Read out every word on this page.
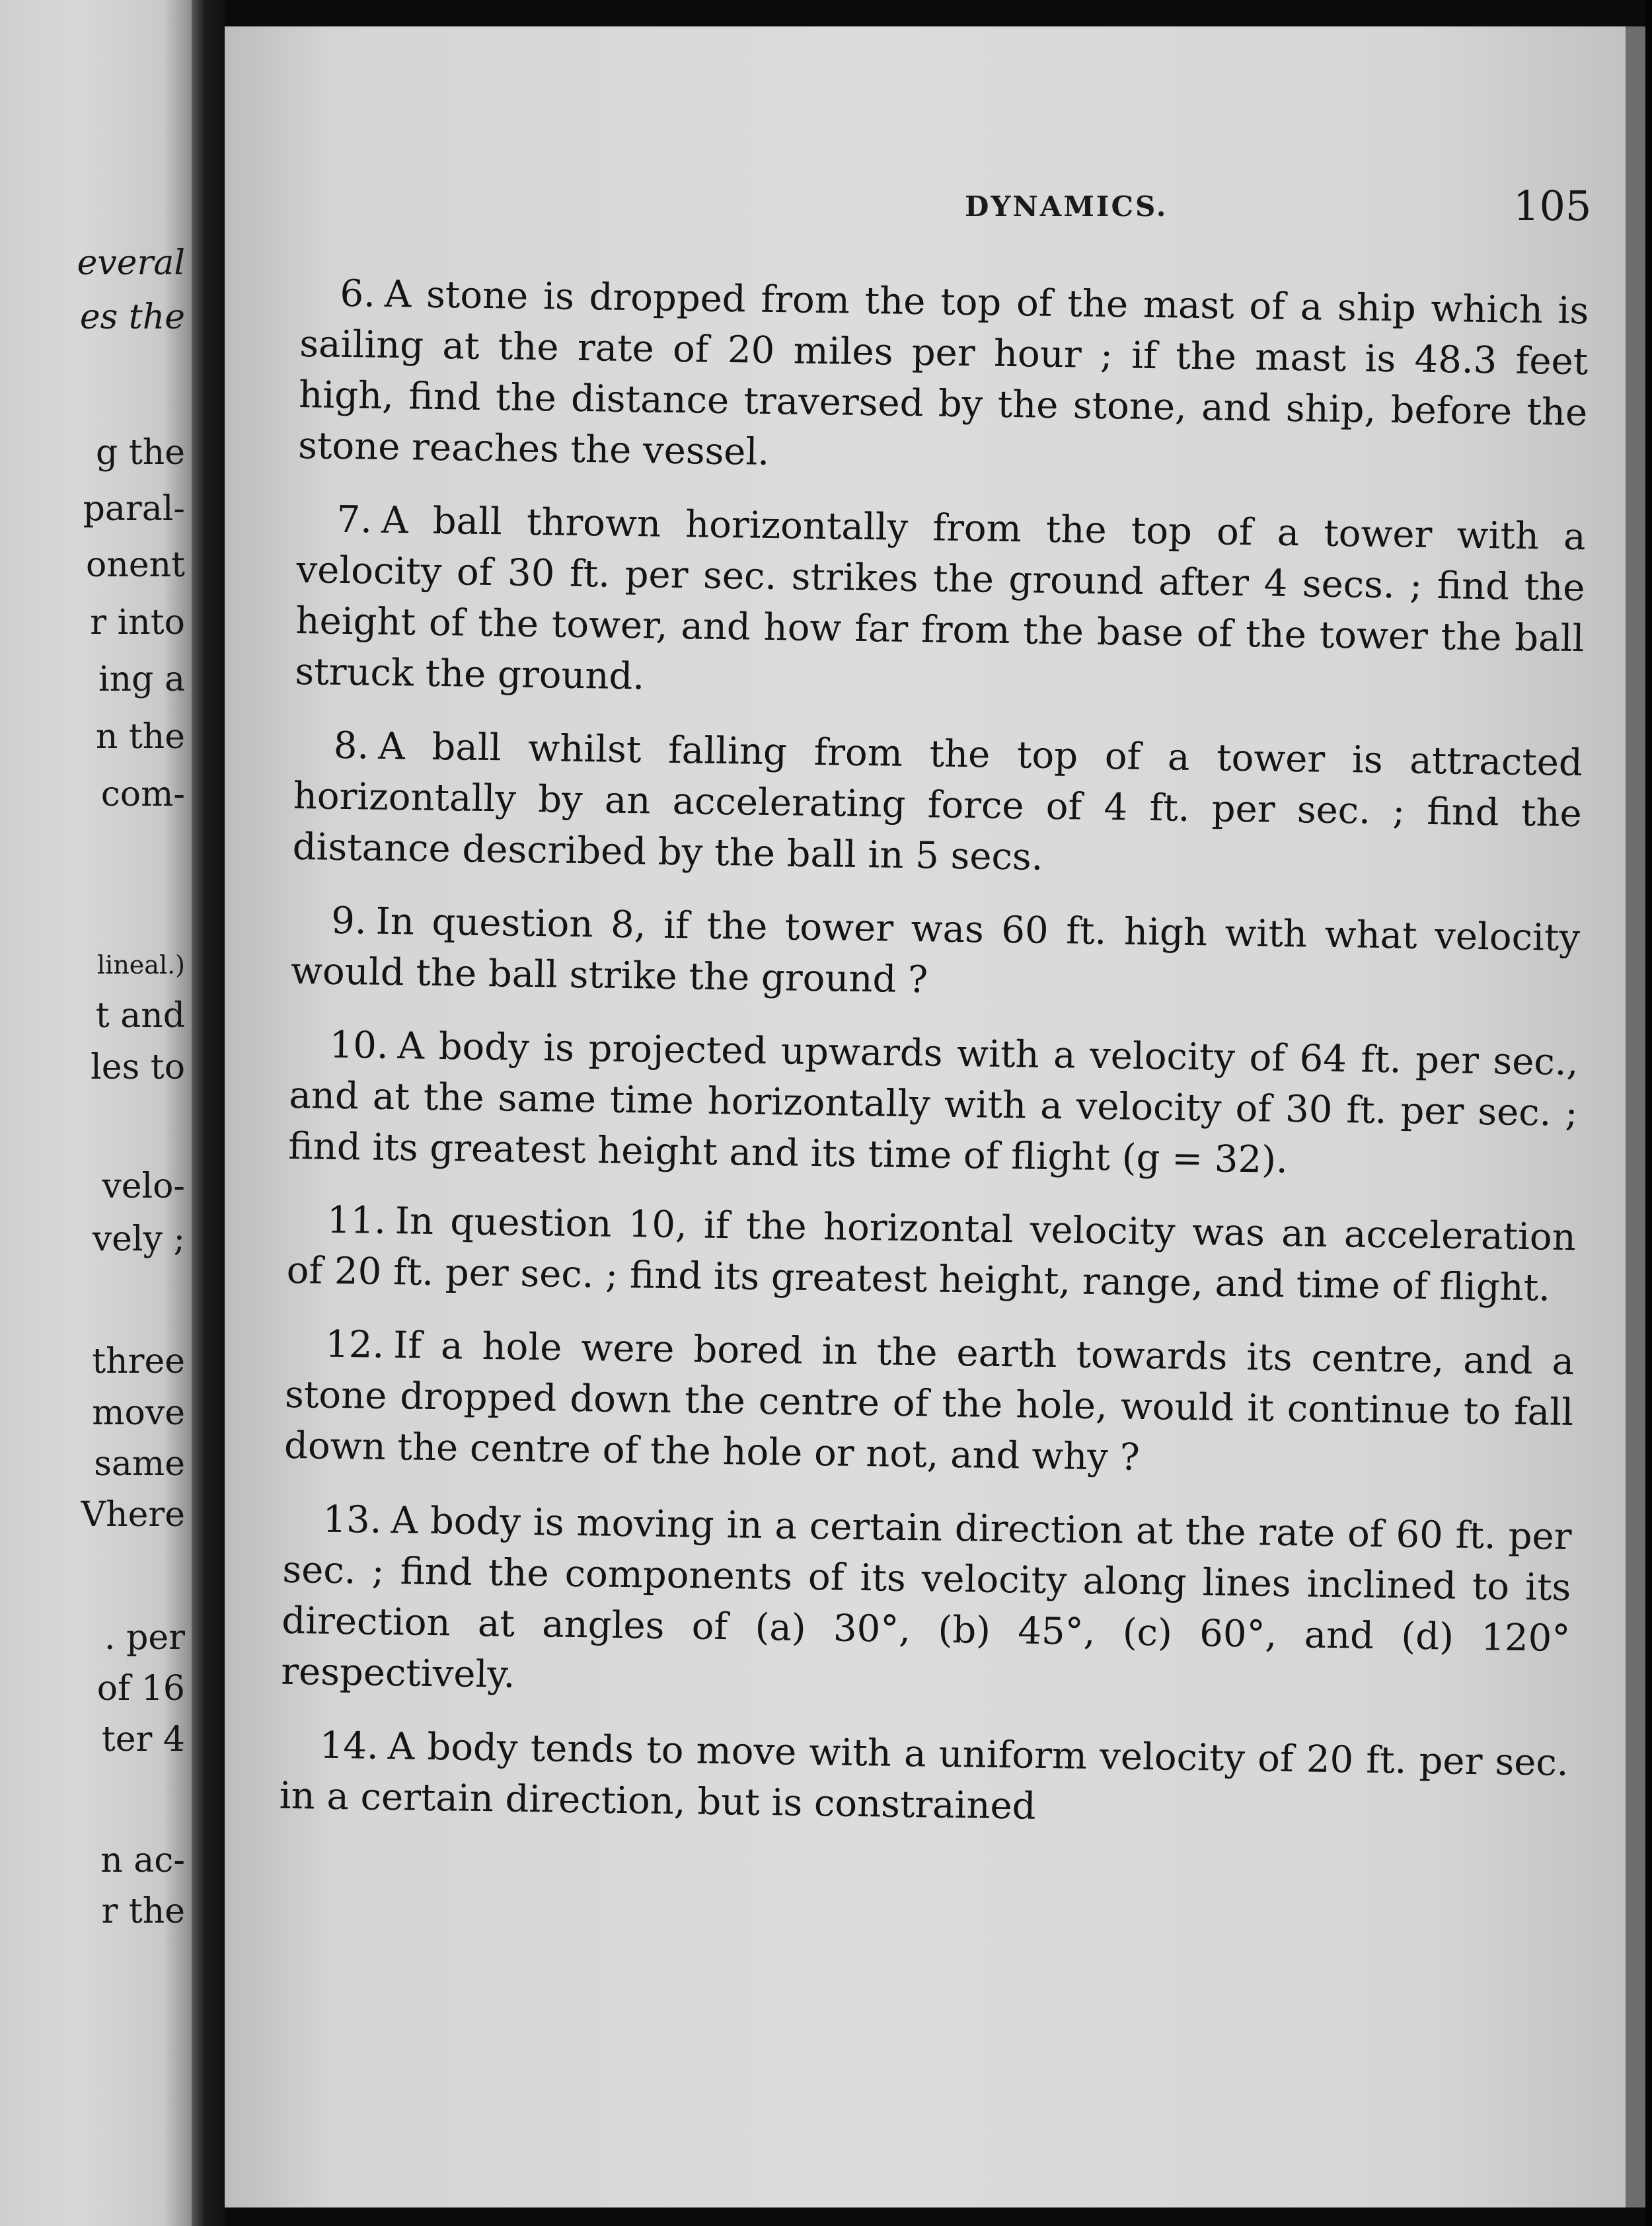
everal

es the

g the

paral-

onent

r into

ing a

n the

com-

lineal.)

t and

les to

velo-

vely ;

three

move

same

Vhere

. per

of 16

ter 4

n ac-

r the

DYNAMICS.	105

6. A stone is dropped from the top of the mast of a ship which is sailing at the rate of 20 miles per hour ; if the mast is 48.3 feet high, find the distance traversed by the stone, and ship, before the stone reaches the vessel.

7. A ball thrown horizontally from the top of a tower with a velocity of 30 ft. per sec. strikes the ground after 4 secs. ; find the height of the tower, and how far from the base of the tower the ball struck the ground.

8. A ball whilst falling from the top of a tower is attracted horizontally by an accelerating force of 4 ft. per sec. ; find the distance described by the ball in 5 secs.

9. In question 8, if the tower was 60 ft. high with what velocity would the ball strike the ground ?

10. A body is projected upwards with a velocity of 64 ft. per sec., and at the same time horizontally with a velocity of 30 ft. per sec. ; find its greatest height and its time of flight (g = 32).

11. In question 10, if the horizontal velocity was an acceleration of 20 ft. per sec. ; find its greatest height, range, and time of flight.

12. If a hole were bored in the earth towards its centre, and a stone dropped down the centre of the hole, would it continue to fall down the centre of the hole or not, and why ?

13. A body is moving in a certain direction at the rate of 60 ft. per sec. ; find the components of its velocity along lines inclined to its direction at angles of (a) 30°, (b) 45°, (c) 60°, and (d) 120° respectively.

14. A body tends to move with a uniform velocity of 20 ft. per sec. in a certain direction, but is constrained
